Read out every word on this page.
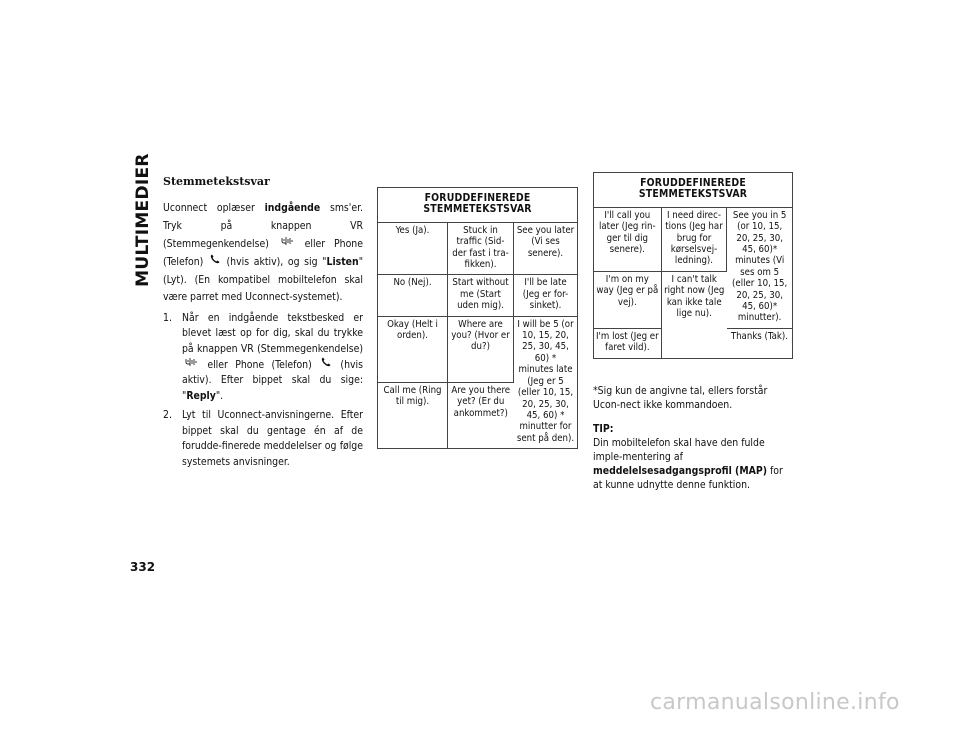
MULTIMEDIER
332
Stemmetekstsvar
Uconnect oplæser indgående sms'er. Tryk på knappen VR (Stemmegenkendelse)  eller Phone (Telefon)  (hvis aktiv), og sig "Listen" (Lyt). (En kompatibel mobiltelefon skal være parret med Uconnect-systemet).
1. Når en indgående tekstbesked er blevet læst op for dig, skal du trykke på knappen VR (Stemmegenkendelse)  eller Phone (Telefon)  (hvis aktiv). Efter bippet skal du sige: "Reply".
2. Lyt til Uconnect-anvisningerne. Efter bippet skal du gentage én af de forudde-finerede meddelelser og følge systemets anvisninger.
FORUDDEFINEREDE STEMMETEKSTSVAR		
Yes (Ja).	Stuck in traffic (Sid-der fast i tra-fikken).	See you later (Vi ses senere).
No (Nej).	Start without me (Start uden mig).	I'll be late (Jeg er for-sinket).
Okay (Helt i orden).	Where are you? (Hvor er du?)	I will be 5 (or 10, 15, 20, 25, 30, 45, 60) * minutes late (Jeg er 5 (eller 10, 15, 20, 25, 30, 45, 60) * minutter for sent på den).
Call me (Ring til mig).	Are you there yet? (Er du ankommet?)	
FORUDDEFINEREDE STEMMETEKSTSVAR		
I'll call you later (Jeg rin-ger til dig senere).	I need direc-tions (Jeg har brug for kørselsvej-ledning).	See you in 5 (or 10, 15, 20, 25, 30, 45, 60)* minutes (Vi ses om 5 (eller 10, 15, 20, 25, 30, 45, 60)* minutter).
I'm on my way (Jeg er på vej).	I can't talk right now (Jeg kan ikke tale lige nu).	
I'm lost (Jeg er faret vild).		Thanks (Tak).
*Sig kun de angivne tal, ellers forstår Ucon-nect ikke kommandoen.
TIP:
Din mobiltelefon skal have den fulde imple-mentering af meddelelsesadgangsprofil (MAP) for at kunne udnytte denne funktion.
carmanualsonline.info
